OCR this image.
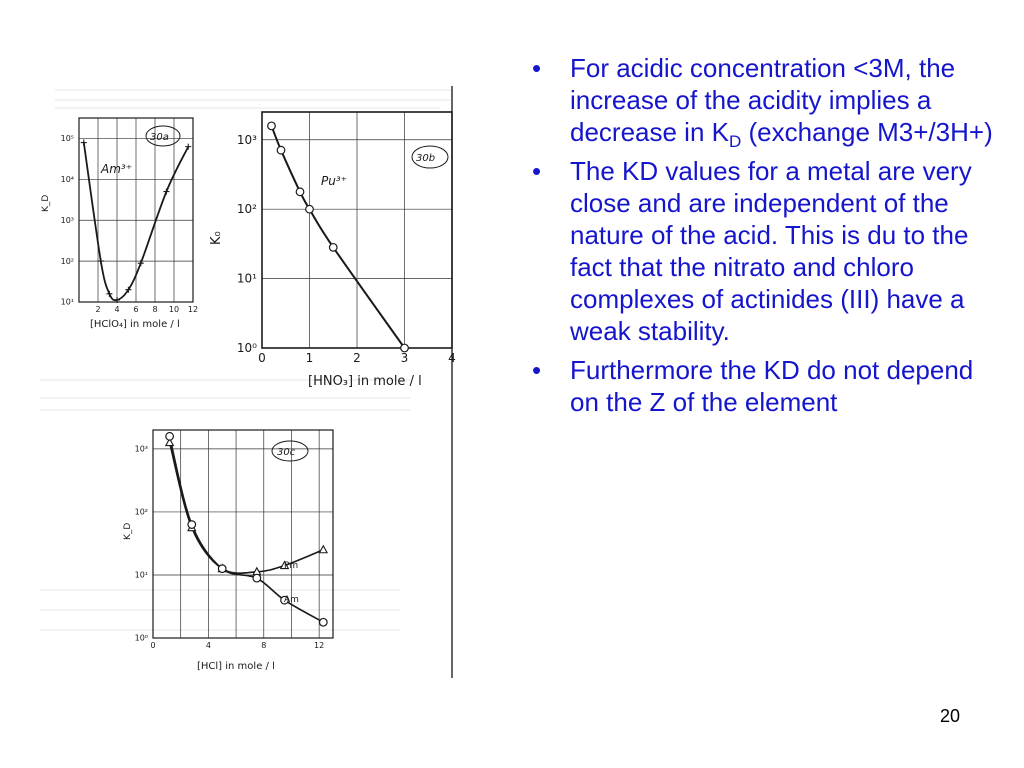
10¹
10²
10³
10⁴
10⁵
2 4 6 8 10 12
K_D
[HClO₄] in mole / l
30a
Am³⁺
10⁰
10¹
10²
10³
0	1	2	3	4
K₀
[HNO₃] in mole / l
30b
Pu³⁺
10⁰
10¹
10²
10³
0	4	8	12
K_D
[HCl] in mole / l
30c
Pm
Am
• For acidic concentration <3M, the increase of the acidity implies a decrease in $K_D$ (exchange M3+/3H+)
• The KD values for a metal are very close and are independent of the nature of the acid. This is du to the fact that the nitrato and chloro complexes of actinides (III) have a weak stability.
• Furthermore the KD do not depend on the Z of the element
20
